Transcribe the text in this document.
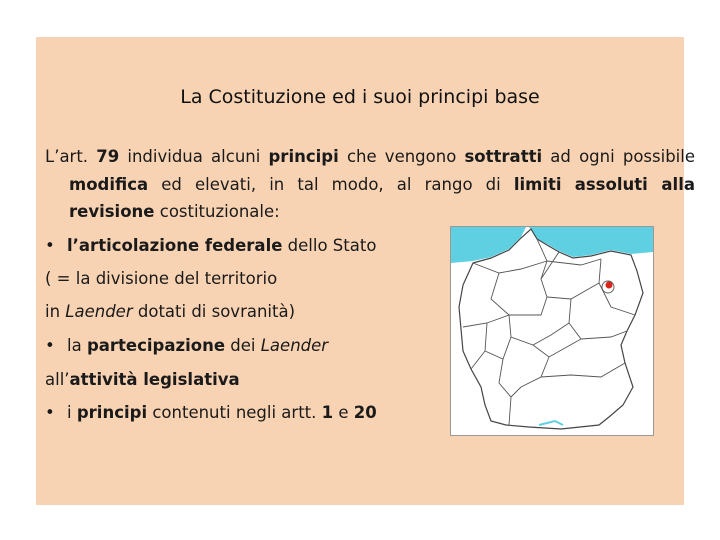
La Costituzione ed i suoi principi base

L’art. 79 individua alcuni principi che vengono sottratti ad ogni possibile modifica ed elevati, in tal modo, al rango di limiti assoluti alla revisione costituzionale:

• l’articolazione federale dello Stato

( = la divisione del territorio

in Laender dotati di sovranità)

• la partecipazione dei Laender

all’attività legislativa

• i principi contenuti negli artt. 1 e 20
